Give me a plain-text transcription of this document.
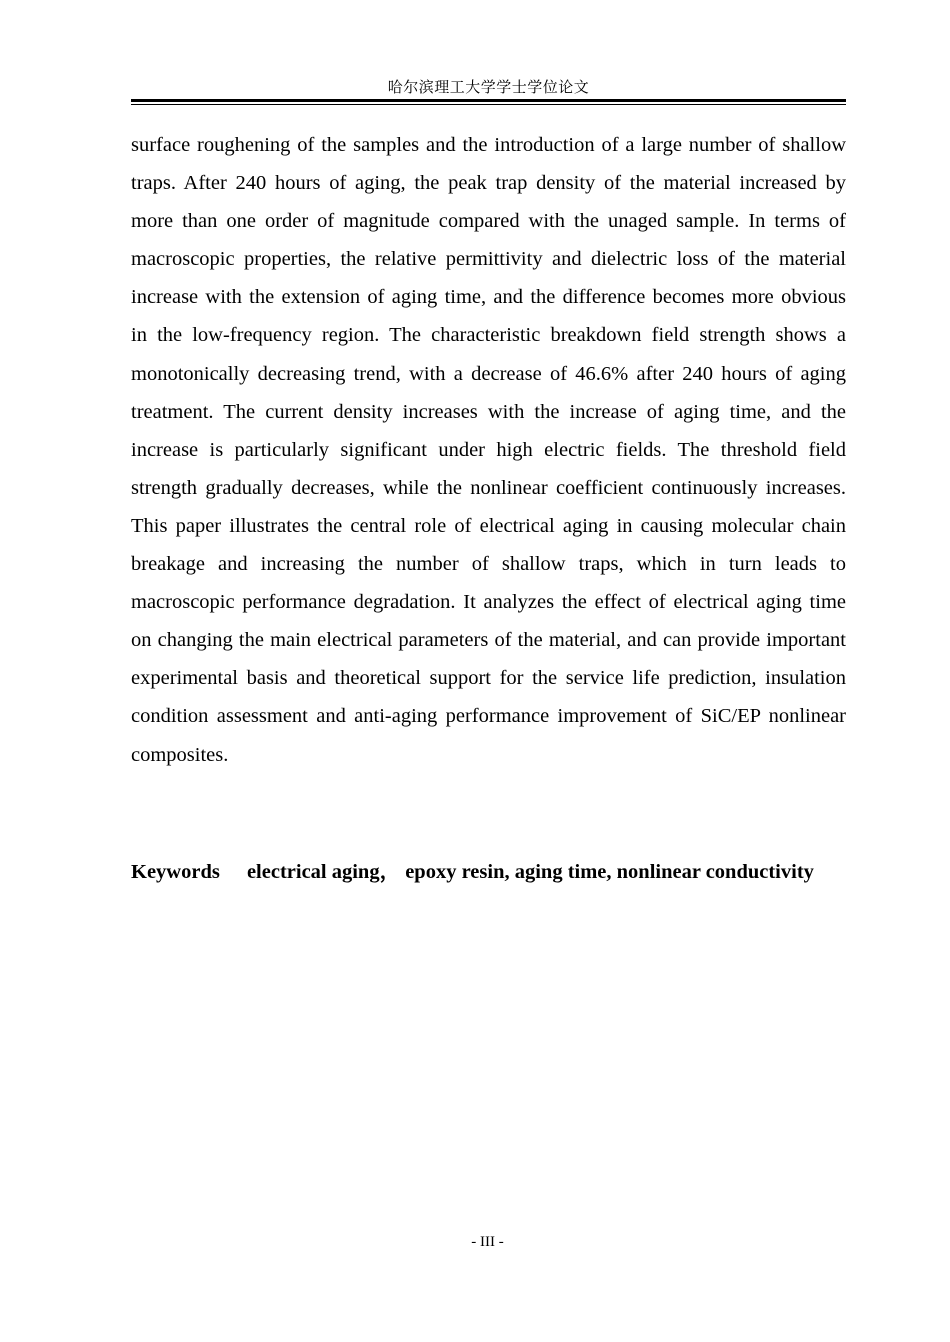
哈尔滨理工大学学士学位论文

surface roughening of the samples and the introduction of a large number of shallow traps. After 240 hours of aging, the peak trap density of the material increased by more than one order of magnitude compared with the unaged sample. In terms of macroscopic properties, the relative permittivity and dielectric loss of the material increase with the extension of aging time, and the difference becomes more obvious in the low-frequency region. The characteristic breakdown field strength shows a monotonically decreasing trend, with a decrease of 46.6% after 240 hours of aging treatment. The current density increases with the increase of aging time, and the increase is particularly significant under high electric fields. The threshold field strength gradually decreases, while the nonlinear coefficient continuously increases. This paper illustrates the central role of electrical aging in causing molecular chain breakage and increasing the number of shallow traps, which in turn leads to macroscopic performance degradation. It analyzes the effect of electrical aging time on changing the main electrical parameters of the material, and can provide important experimental basis and theoretical support for the service life prediction, insulation condition assessment and anti-aging performance improvement of SiC/EP nonlinear composites.

Keywords electrical aging， epoxy resin, aging time, nonlinear conductivity

- III -
